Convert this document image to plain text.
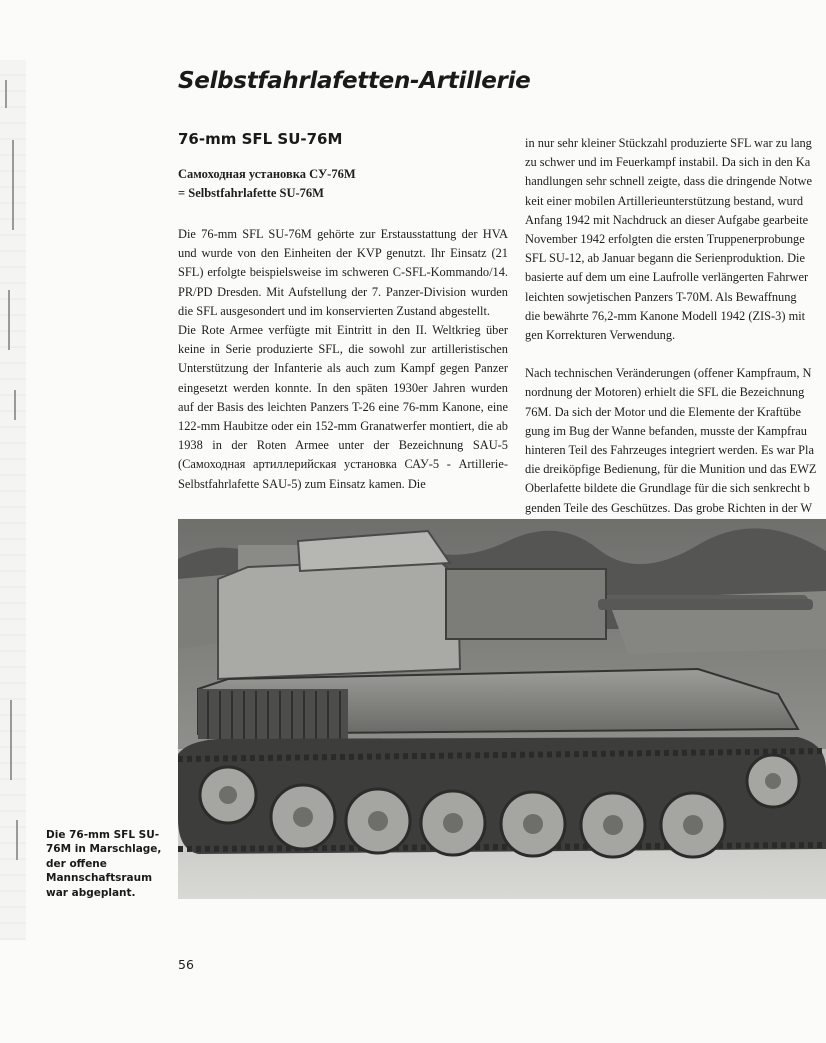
Selbstfahrlafetten-Artillerie
76-mm SFL SU-76M

Самоходная установка СУ-76М
= Selbstfahrlafette SU-76M

Die 76-mm SFL SU-76M gehörte zur Erstausstattung der HVA und wurde von den Einheiten der KVP genutzt. Ihr Einsatz (21 SFL) erfolgte beispielsweise im schweren C-SFL-Kommando/14. PR/PD Dresden. Mit Aufstellung der 7. Panzer-Division wurden die SFL ausgesondert und im konservierten Zustand abgestellt.

Die Rote Armee verfügte mit Eintritt in den II. Weltkrieg über keine in Serie produzierte SFL, die sowohl zur artilleristischen Unterstützung der Infanterie als auch zum Kampf gegen Panzer eingesetzt werden konnte. In den späten 1930er Jahren wurden auf der Basis des leichten Panzers T-26 eine 76-mm Kanone, eine 122-mm Haubitze oder ein 152-mm Granatwerfer montiert, die ab 1938 in der Roten Armee unter der Bezeichnung SAU-5 (Самоходная артиллерийская установка САУ-5 - Artillerie- Selbstfahrlafette SAU-5) zum Einsatz kamen. Die

in nur sehr kleiner Stückzahl produzierte SFL war zu lang

zu schwer und im Feuerkampf instabil. Da sich in den Ka

handlungen sehr schnell zeigte, dass die dringende Notwe

keit einer mobilen Artillerieunterstützung bestand, wurd

Anfang 1942 mit Nachdruck an dieser Aufgabe gearbeite

November 1942 erfolgten die ersten Truppenerprobunge

SFL SU-12, ab Januar begann die Serienproduktion. Die

basierte auf dem um eine Laufrolle verlängerten Fahrwer

leichten sowjetischen Panzers T-70M. Als Bewaffnung

die bewährte 76,2-mm Kanone Modell 1942 (ZIS-3) mit

gen Korrekturen Verwendung.

Nach technischen Veränderungen (offener Kampfraum, N

nordnung der Motoren) erhielt die SFL die Bezeichnung

76M. Da sich der Motor und die Elemente der Kraftübe

gung im Bug der Wanne befanden, musste der Kampfrau

hinteren Teil des Fahrzeuges integriert werden. Es war Pla

die dreiköpfige Bedienung, für die Munition und das EWZ

Oberlafette bildete die Grundlage für die sich senkrecht b

genden Teile des Geschützes. Das grobe Richten in der W

Die 76-mm SFL SU-76M in Marschlage, der offene Mannschaftsraum war abgeplant.

56
